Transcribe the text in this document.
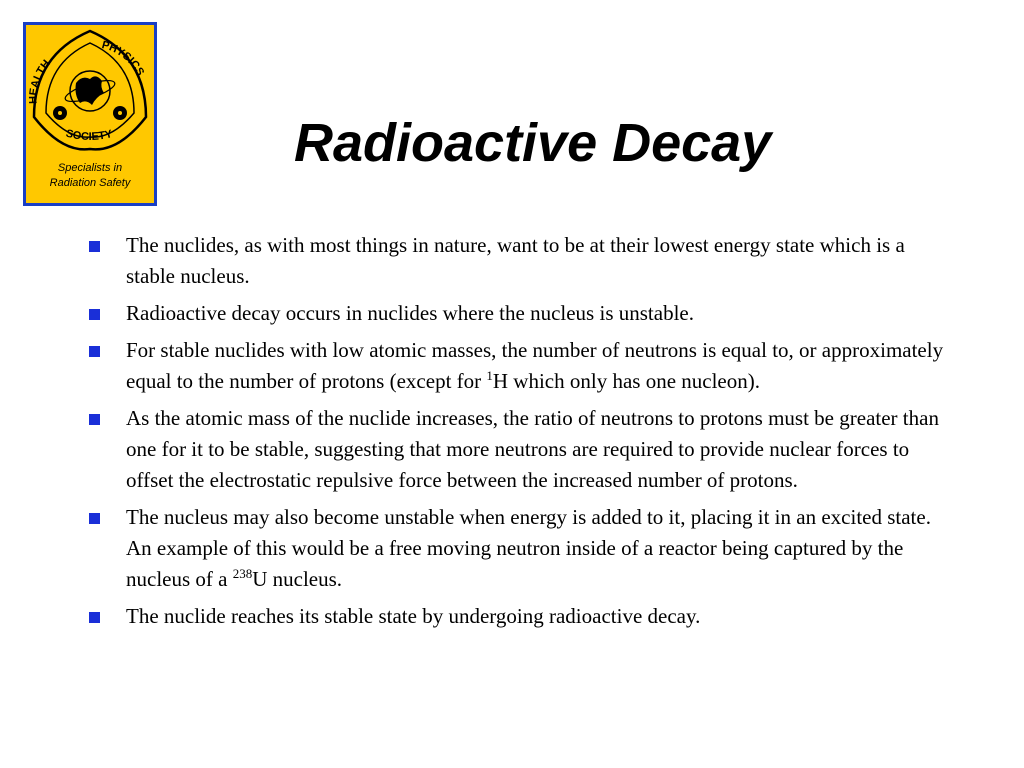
HEALTH
PHYSICS
SOCIETY
Specialists in
Radiation Safety
Radioactive Decay
The nuclides, as with most things in nature, want to be at their lowest energy state which is a stable nucleus.
Radioactive decay occurs in nuclides where the nucleus is unstable.
For stable nuclides with low atomic masses, the number of neutrons is equal to, or approximately equal to the number of protons (except for $^1$H which only has one nucleon).
As the atomic mass of the nuclide increases, the ratio of neutrons to protons must be greater than one for it to be stable, suggesting that more neutrons are required to provide nuclear forces to offset the electrostatic repulsive force between the increased number of protons.
The nucleus may also become unstable when energy is added to it, placing it in an excited state. An example of this would be a free moving neutron inside of a reactor being captured by the nucleus of a $^{238}$U nucleus.
The nuclide reaches its stable state by undergoing radioactive decay.
